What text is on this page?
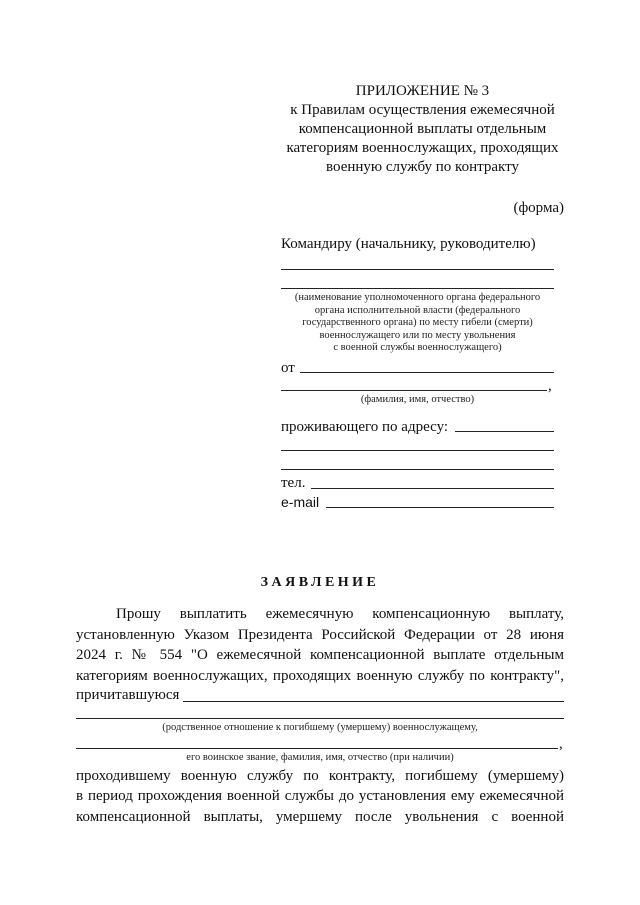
ПРИЛОЖЕНИЕ № 3
к Правилам осуществления ежемесячной
компенсационной выплаты отдельным
категориям военнослужащих, проходящих
военную службу по контракту
(форма)
Командиру (начальнику, руководителю)
(наименование уполномоченного органа федерального
органа исполнительной власти (федерального
государственного органа) по месту гибели (смерти)
военнослужащего или по месту увольнения
с военной службы военнослужащего)
от
,
(фамилия, имя, отчество)
проживающего по адресу:
тел.
e-mail
ЗАЯВЛЕНИЕ
Прошу выплатить ежемесячную компенсационную выплату,
установленную Указом Президента Российской Федерации от 28 июня
2024 г. № 554 "О ежемесячной компенсационной выплате отдельным
категориям военнослужащих, проходящих военную службу по контракту",
причитавшуюся
(родственное отношение к погибшему (умершему) военнослужащему,
,
его воинское звание, фамилия, имя, отчество (при наличии)
проходившему военную службу по контракту, погибшему (умершему)
в период прохождения военной службы до установления ему ежемесячной
компенсационной выплаты, умершему после увольнения с военной
